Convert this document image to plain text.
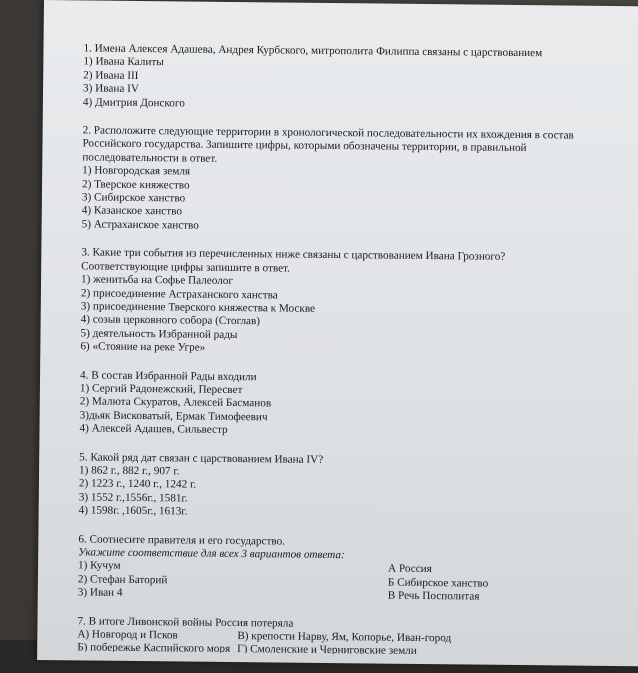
1. Имена Алексея Адашева, Андрея Курбского, митрополита Филиппа связаны с царствованием
1) Ивана Калиты
2) Ивана III
3) Ивана IV
4) Дмитрия Донского
2. Расположите следующие территории в хронологической последовательности их вхождения в состав
Российского государства. Запишите цифры, которыми обозначены территории, в правильной
последовательности в ответ.
1) Новгородская земля
2) Тверское княжество
3) Сибирское ханство
4) Казанское ханство
5) Астраханское ханство
3. Какие три события из перечисленных ниже связаны с царствованием Ивана Грозного?
Соответствующие цифры запишите в ответ.
1) женитьба на Софье Палеолог
2) присоединение Астраханского ханства
3) присоединение Тверского княжества к Москве
4) созыв церковного собора (Стоглав)
5) деятельность Избранной рады
6) «Стояние на реке Угре»
4. В состав Избранной Рады входили
1) Сергий Радонежский, Пересвет
2) Малюта Скуратов, Алексей Басманов
3)дьяк Висковатый, Ермак Тимофеевич
4) Алексей Адашев, Сильвестр
5. Какой ряд дат связан с царствованием Ивана IV?
1) 862 г., 882 г., 907 г.
2) 1223 г., 1240 г., 1242 г.
3) 1552 г.,1556г., 1581г.
4) 1598г. ,1605г., 1613г.
6. Соотнесите правителя и его государство.
Укажите соответствие для всех 3 вариантов ответа:
1) Кучум	А Россия
2) Стефан Баторий	Б Сибирское ханство
3) Иван 4	В Речь Посполитая
7. В итоге Ливонской войны Россия потеряла
А) Новгород и Псков	В) крепости Нарву, Ям, Копорье, Иван-город
Б) побережье Каспийского моря Г) Смоленские и Черниговские земли
